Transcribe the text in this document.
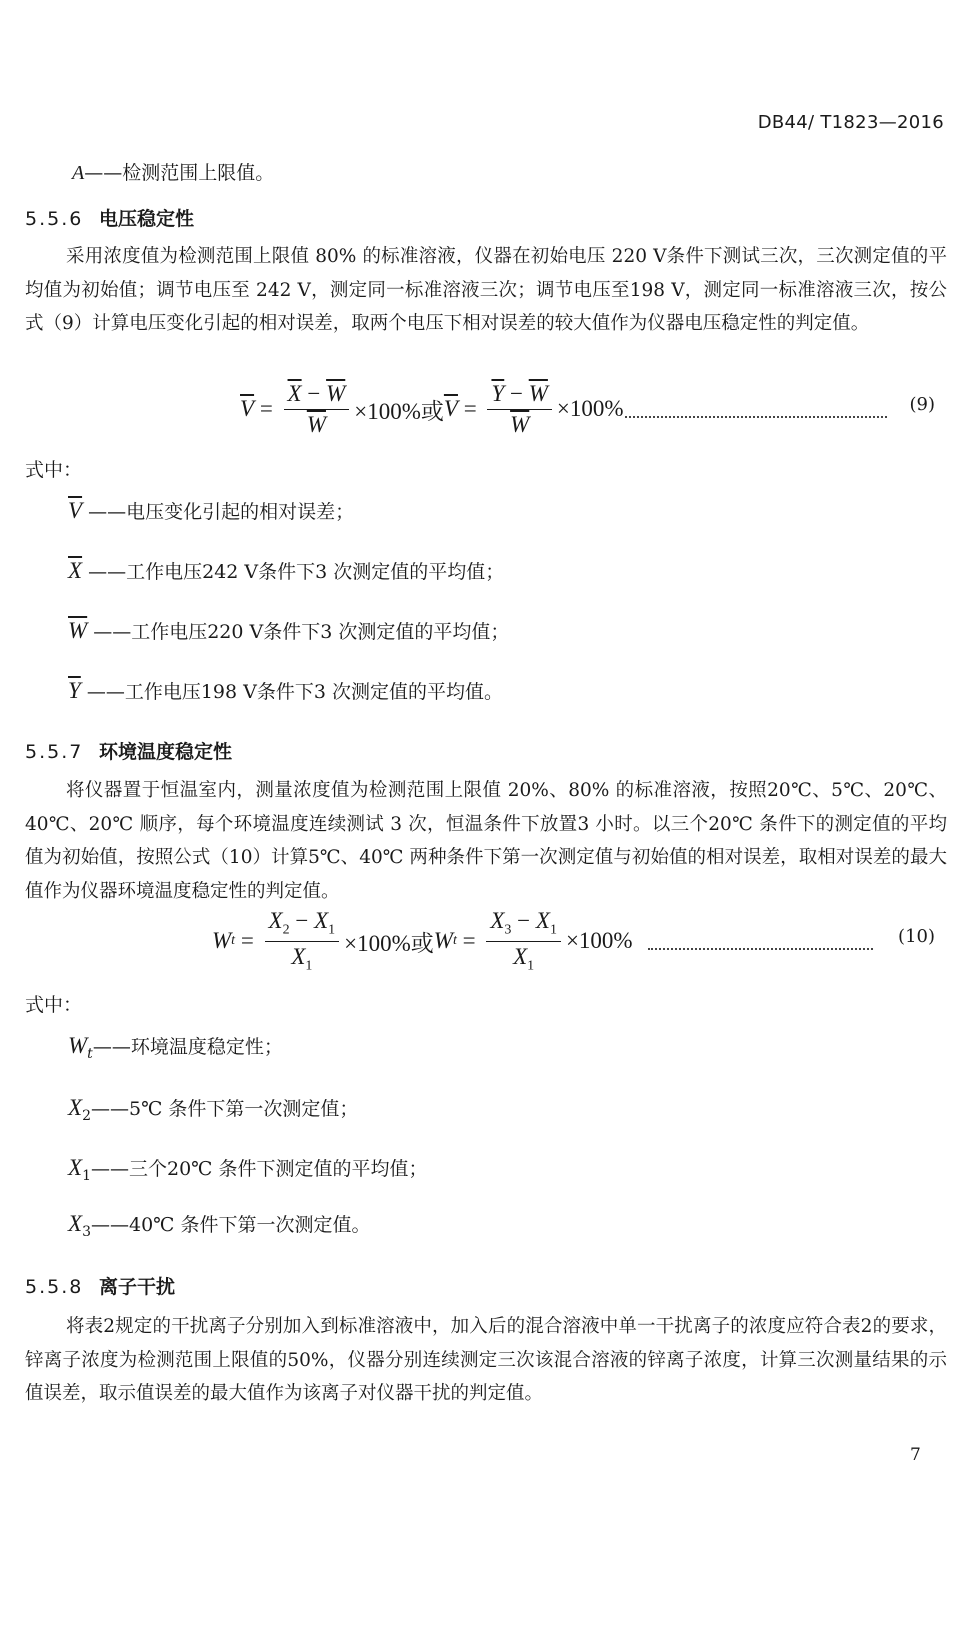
DB44/ T1823—2016
A——检测范围上限值。
5.5.6 电压稳定性
采用浓度值为检测范围上限值 80% 的标准溶液，仪器在初始电压 220 V条件下测试三次，三次测定值的平均值为初始值；调节电压至 242 V，测定同一标准溶液三次；调节电压至198 V，测定同一标准溶液三次，按公式（9）计算电压变化引起的相对误差，取两个电压下相对误差的较大值作为仪器电压稳定性的判定值。
$\overline{V} = \frac{\overline{X} - \overline{W}}{W} \times 100\%$或 $\overline{V} = \frac{\overline{Y} - \overline{W}}{W} \times 100\%$	(9)
式中：
$\overline{V}$ ——电压变化引起的相对误差；
$\overline{X}$ ——工作电压242 V条件下3 次测定值的平均值；
$\overline{W}$ ——工作电压220 V条件下3 次测定值的平均值；
$\overline{Y}$ ——工作电压198 V条件下3 次测定值的平均值。
5.5.7 环境温度稳定性
将仪器置于恒温室内，测量浓度值为检测范围上限值 20%、80% 的标准溶液，按照20℃、5℃、20℃、40℃、20℃ 顺序，每个环境温度连续测试 3 次，恒温条件下放置3 小时。以三个20℃ 条件下的测定值的平均值为初始值，按照公式（10）计算5℃、40℃ 两种条件下第一次测定值与初始值的相对误差，取相对误差的最大值作为仪器环境温度稳定性的判定值。
W $t = \frac{X_2 - X_1}{X_1} \times 100\%$或 W $t = \frac{X_3 - X_1}{X_1} \times 100\%$	(10)
式中：
$W_t——$环境温度稳定性；
$X_2——5℃$ 条件下第一次测定值；
$X_1——$三个20℃ 条件下测定值的平均值；
$X_3——40℃$ 条件下第一次测定值。
5.5.8 离子干扰
将表2规定的干扰离子分别加入到标准溶液中，加入后的混合溶液中单一干扰离子的浓度应符合表2的要求，锌离子浓度为检测范围上限值的50%，仪器分别连续测定三次该混合溶液的锌离子浓度，计算三次测量结果的示值误差，取示值误差的最大值作为该离子对仪器干扰的判定值。
7
